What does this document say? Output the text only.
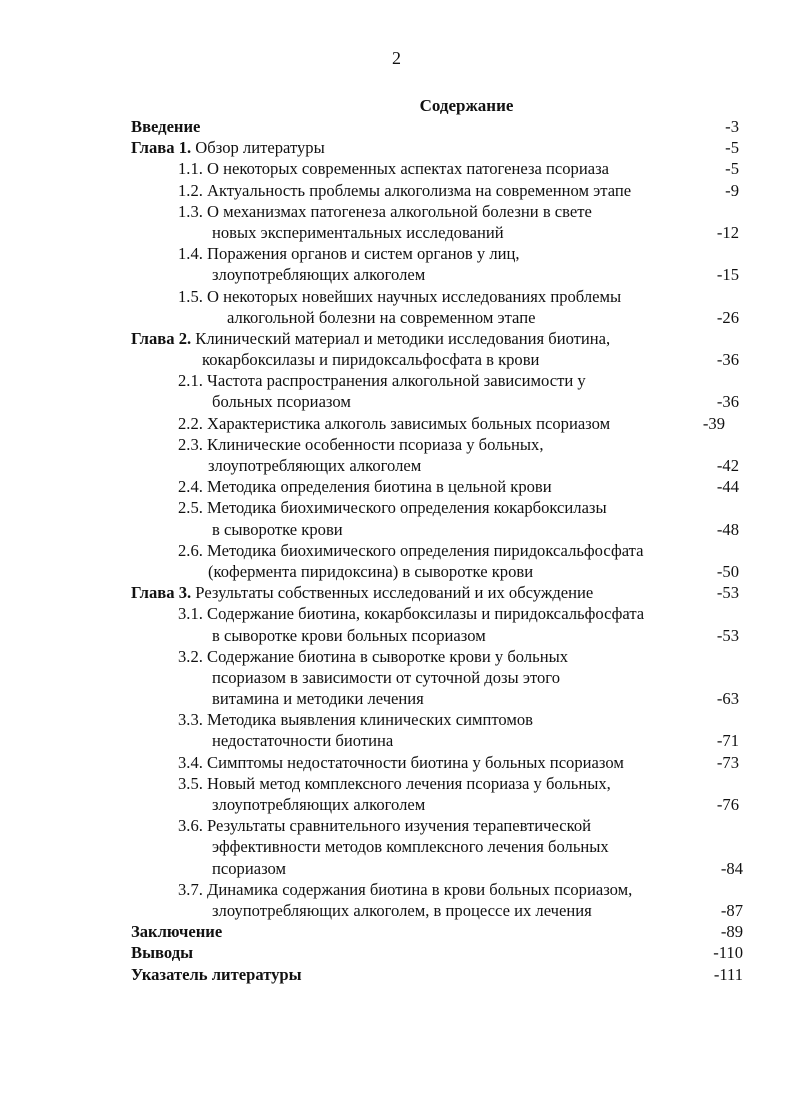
2
Содержание
Введение	-3
Глава 1. Обзор литературы	-5
1.1. О некоторых современных аспектах патогенеза псориаза	-5
1.2. Актуальность проблемы алкоголизма на современном этапе	-9
1.3. О механизмах патогенеза алкогольной болезни в свете
новых экспериментальных исследований	-12
1.4. Поражения органов и систем органов у лиц,
злоупотребляющих алкоголем	-15
1.5. О некоторых новейших научных исследованиях проблемы
алкогольной болезни на современном этапе	-26
Глава 2. Клинический материал и методики исследования биотина,
кокарбоксилазы и пиридоксальфосфата в крови	-36
2.1. Частота распространения алкогольной зависимости у
больных псориазом	-36
2.2. Характеристика алкоголь зависимых больных псориазом	-39
2.3. Клинические особенности псориаза у больных,
злоупотребляющих алкоголем	-42
2.4. Методика определения биотина в цельной крови	-44
2.5. Методика биохимического определения кокарбоксилазы
в сыворотке крови	-48
2.6. Методика биохимического определения пиридоксальфосфата
(кофермента пиридоксина) в сыворотке крови	-50
Глава 3. Результаты собственных исследований и их обсуждение	-53
3.1. Содержание биотина, кокарбоксилазы и пиридоксальфосфата
в сыворотке крови больных псориазом	-53
3.2. Содержание биотина в сыворотке крови у больных
псориазом в зависимости от суточной дозы этого
витамина и методики лечения	-63
3.3. Методика выявления клинических симптомов
недостаточности биотина	-71
3.4. Симптомы недостаточности биотина у больных псориазом	-73
3.5. Новый метод комплексного лечения псориаза у больных,
злоупотребляющих алкоголем	-76
3.6. Результаты сравнительного изучения терапевтической
эффективности методов комплексного лечения больных
псориазом	-84
3.7. Динамика содержания биотина в крови больных псориазом,
злоупотребляющих алкоголем, в процессе их лечения	-87
Заключение	-89
Выводы	-110
Указатель литературы	-111
